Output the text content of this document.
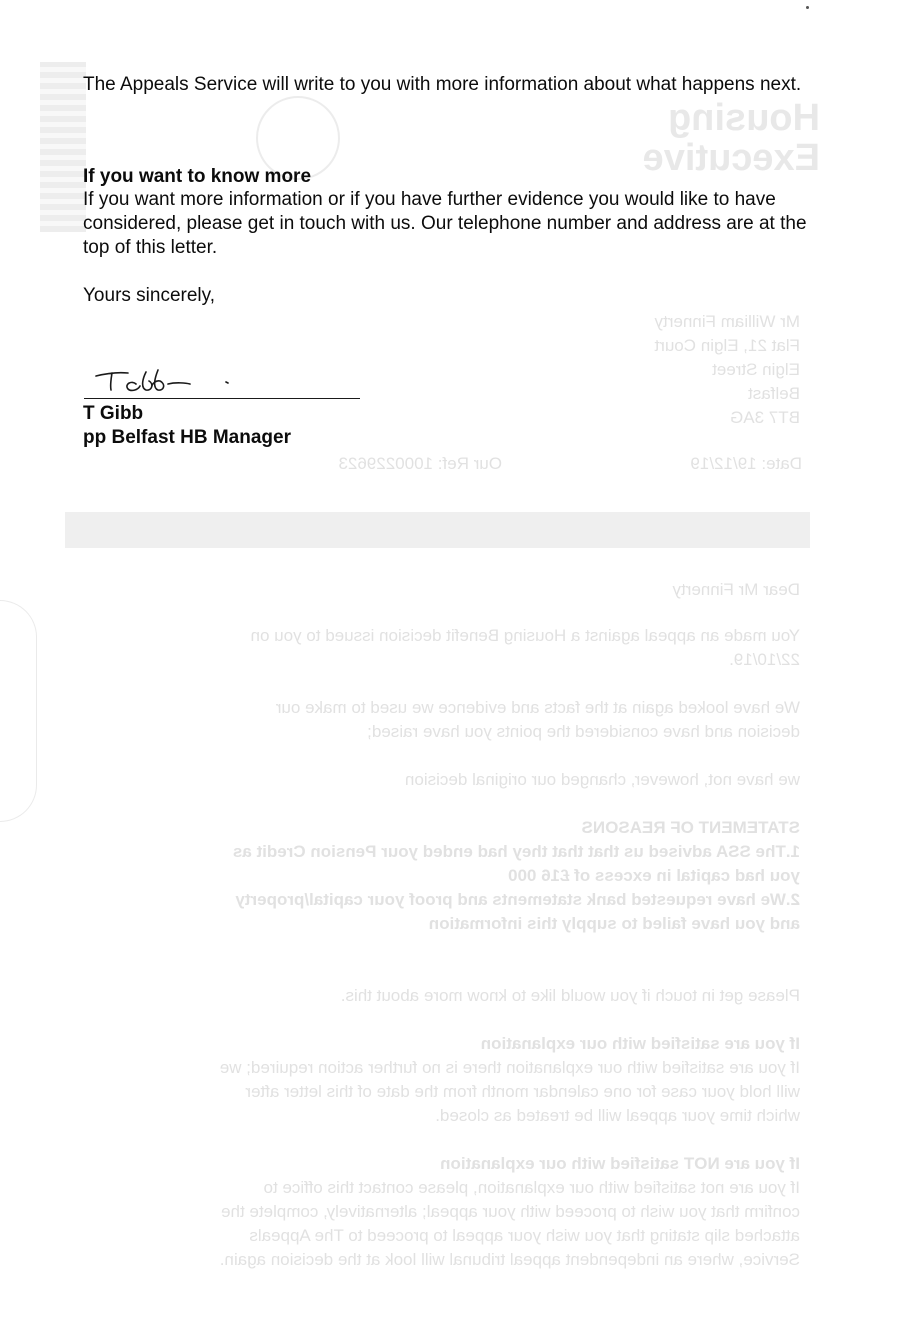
Housing
Executive
Mr William Finnerty
Flat 21, Elgin Court
Elgin Street
Belfast
BT7 3AG
Date: 19/12/19
Our Ref: 1000229623
Dear Mr Finnerty
You made an appeal against a Housing Benefit decision issued to you on
22/10/19.
We have looked again at the facts and evidence we used to make our
decision and have considered the points you have raised;
we have not, however, changed our original decision
STATEMENT OF REASONS
1.The SSA advised us that that they had ended your Pension Credit as
you had capital in excess of £16 000
2.We have requested bank statements and proof your capital/property
and you have failed to supply this information
Please get in touch if you would like to know more about this.
If you are satisfied with our explanation
If you are satisfied with our explanation there is no further action required; we
will hold your case for one calendar month from the date of this letter after
which time your appeal will be treated as closed.
If you are NOT satisfied with our explanation
If you are not satisfied with our explanation, please contact this office to
confirm that you wish to proceed with your appeal; alternatively, complete the
attached slip stating that you wish your appeal to proceed to The Appeals
Service, where an independent appeal tribunal will look at the decision again.

The Appeals Service will write to you with more information about what happens next.

If you want to know more

If you want more information or if you have further evidence you would like to have considered, please get in touch with us. Our telephone number and address are at the top of this letter.

Yours sincerely,

T Gibb

pp Belfast HB Manager
